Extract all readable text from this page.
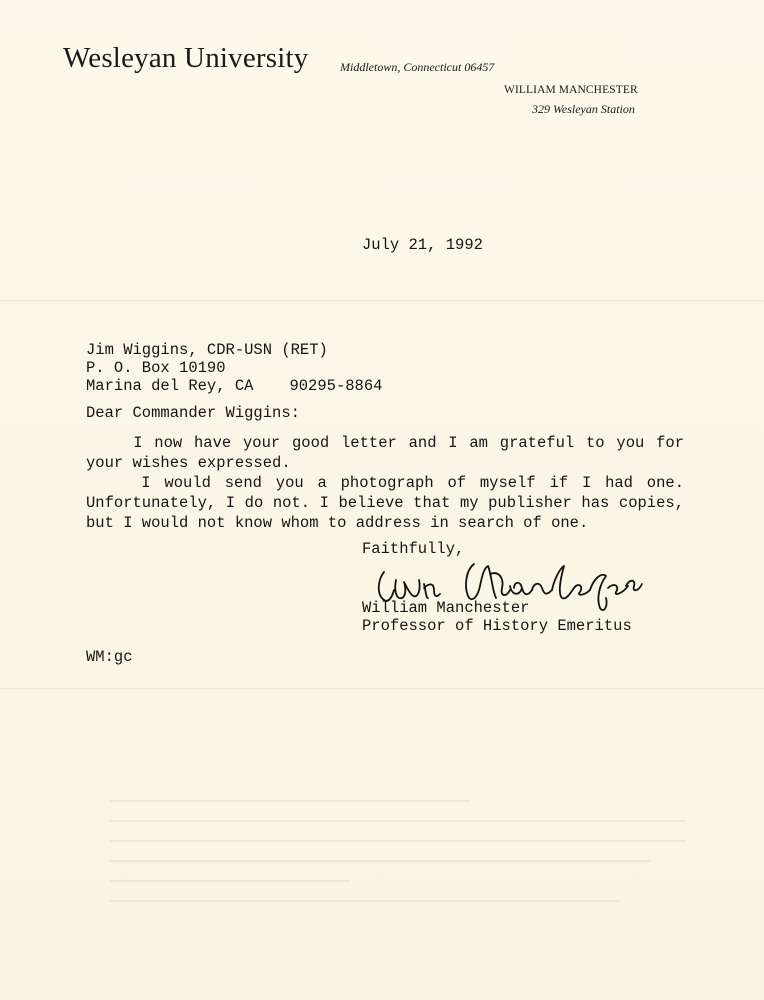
Wesleyan University	Middletown, Connecticut 06457
WILLIAM MANCHESTER
329 Wesleyan Station
July 21, 1992
Jim Wiggins, CDR-USN (RET)
P. O. Box 10190
Marina del Rey, CA 90295-8864
Dear Commander Wiggins:
I now have your good letter and I am grateful to you for your wishes expressed.
I would send you a photograph of myself if I had one. Unfortunately, I do not. I believe that my publisher has copies, but I would not know whom to address in search of one.
Faithfully,
William Manchester
Professor of History Emeritus
WM:gc
